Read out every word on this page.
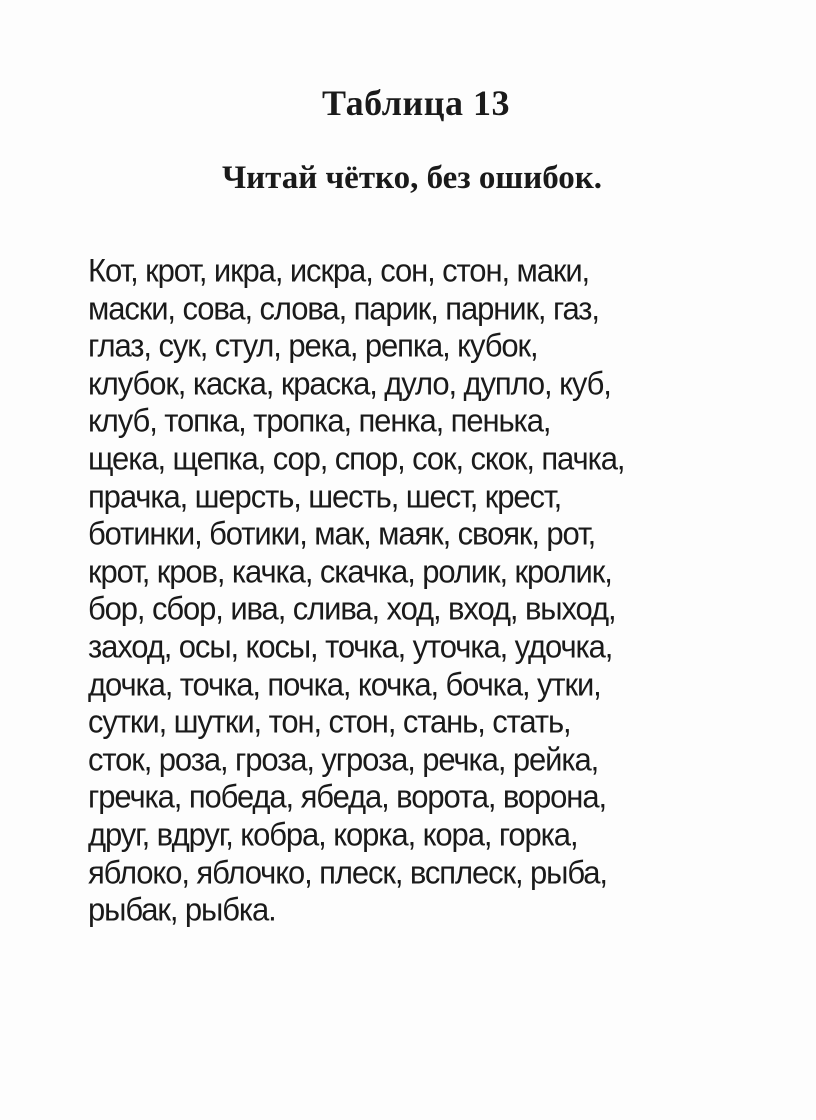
Таблица 13
Читай чётко, без ошибок.
Кот, крот, икра, искра, сон, стон, маки,
маски, сова, слова, парик, парник, газ,
глаз, сук, стул, река, репка, кубок,
клубок, каска, краска, дуло, дупло, куб,
клуб, топка, тропка, пенка, пенька,
щека, щепка, сор, спор, сок, скок, пачка,
прачка, шерсть, шесть, шест, крест,
ботинки, ботики, мак, маяк, свояк, рот,
крот, кров, качка, скачка, ролик, кролик,
бор, сбор, ива, слива, ход, вход, выход,
заход, осы, косы, точка, уточка, удочка,
дочка, точка, почка, кочка, бочка, утки,
сутки, шутки, тон, стон, стань, стать,
сток, роза, гроза, угроза, речка, рейка,
гречка, победа, ябеда, ворота, ворона,
друг, вдруг, кобра, корка, кора, горка,
яблоко, яблочко, плеск, всплеск, рыба,
рыбак, рыбка.
